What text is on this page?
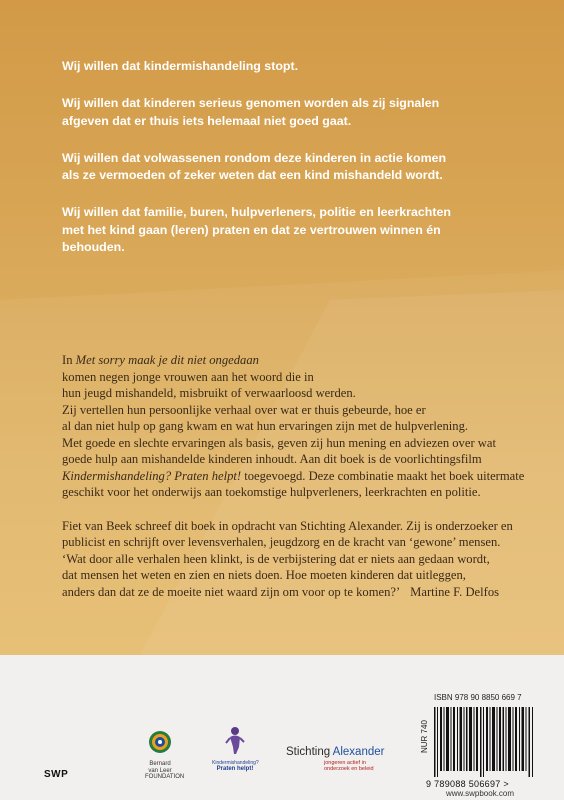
Wij willen dat kindermishandeling stopt.

Wij willen dat kinderen serieus genomen worden als zij signalen
afgeven dat er thuis iets helemaal niet goed gaat.

Wij willen dat volwassenen rondom deze kinderen in actie komen
als ze vermoeden of zeker weten dat een kind mishandeld wordt.

Wij willen dat familie, buren, hulpverleners, politie en leerkrachten
met het kind gaan (leren) praten en dat ze vertrouwen winnen én
behouden.

In Met sorry maak je dit niet ongedaan
komen negen jonge vrouwen aan het woord die in
hun jeugd mishandeld, misbruikt of verwaarloosd werden.
Zij vertellen hun persoonlijke verhaal over wat er thuis gebeurde, hoe er
al dan niet hulp op gang kwam en wat hun ervaringen zijn met de hulpverlening.
Met goede en slechte ervaringen als basis, geven zij hun mening en adviezen over wat
goede hulp aan mishandelde kinderen inhoudt. Aan dit boek is de voorlichtingsfilm
Kindermishandeling? Praten helpt! toegevoegd. Deze combinatie maakt het boek uitermate
geschikt voor het onderwijs aan toekomstige hulpverleners, leerkrachten en politie.

Fiet van Beek schreef dit boek in opdracht van Stichting Alexander. Zij is onderzoeker en
publicist en schrijft over levensverhalen, jeugdzorg en de kracht van ‘gewone’ mensen.

‘Wat door alle verhalen heen klinkt, is de verbijstering dat er niets aan gedaan wordt,
dat mensen het weten en zien en niets doen. Hoe moeten kinderen dat uitleggen,
anders dan dat ze de moeite niet waard zijn om voor op te komen?’ Martine F. Delfos

SWP
Bernard
van Leer
FOUNDATION
Kindermishandeling?
Praten helpt!
Stichting Alexander
jongeren actief in
onderzoek en beleid
ISBN 978 90 8850 669 7
NUR 740
9 789088 506697 >
www.swpbook.com
